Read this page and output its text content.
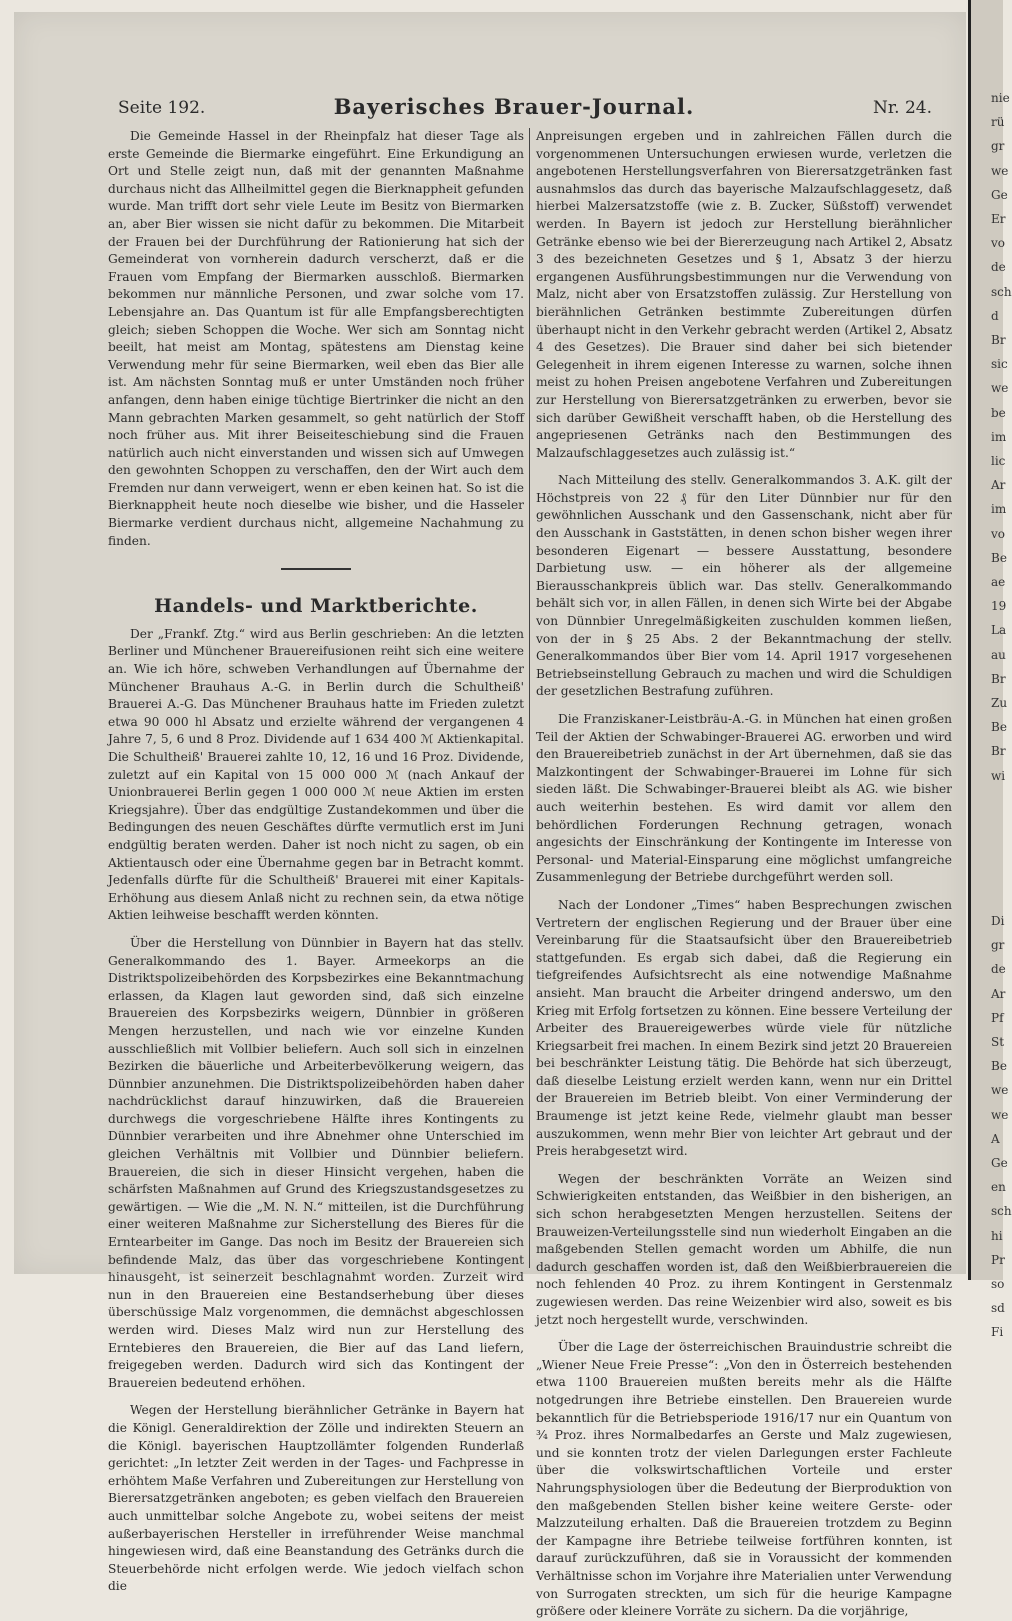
nie
rü
gr
we
Ge
Er
vo
de
sch
d
Br
sic
we
be
im
lic
Ar
im
vo
Be
ae
19
La
au
Br
Zu
Be
Br
wi

Di
gr
de
Ar
Pf
St
Be
we
we
A
Ge
en
sch
hi
Pr
so
sd
Fi
Seite 192.	Bayerisches Brauer-Journal.	Nr. 24.

Die Gemeinde Hassel in der Rheinpfalz hat dieser Tage als erste Gemeinde die Biermarke eingeführt. Eine Erkundigung an Ort und Stelle zeigt nun, daß mit der genannten Maßnahme durchaus nicht das Allheilmittel gegen die Bierknappheit gefunden wurde. Man trifft dort sehr viele Leute im Besitz von Biermarken an, aber Bier wissen sie nicht dafür zu bekommen. Die Mitarbeit der Frauen bei der Durchführung der Rationierung hat sich der Gemeinderat von vornherein dadurch verscherzt, daß er die Frauen vom Empfang der Biermarken ausschloß. Biermarken bekommen nur männliche Personen, und zwar solche vom 17. Lebensjahre an. Das Quantum ist für alle Empfangsberechtigten gleich; sieben Schoppen die Woche. Wer sich am Sonntag nicht beeilt, hat meist am Montag, spätestens am Dienstag keine Verwendung mehr für seine Biermarken, weil eben das Bier alle ist. Am nächsten Sonntag muß er unter Umständen noch früher anfangen, denn haben einige tüchtige Biertrinker die nicht an den Mann gebrachten Marken gesammelt, so geht natürlich der Stoff noch früher aus. Mit ihrer Beiseiteschiebung sind die Frauen natürlich auch nicht einverstanden und wissen sich auf Umwegen den gewohnten Schoppen zu verschaffen, den der Wirt auch dem Fremden nur dann verweigert, wenn er eben keinen hat. So ist die Bierknappheit heute noch dieselbe wie bisher, und die Hasseler Biermarke verdient durchaus nicht, allgemeine Nachahmung zu finden.

Handels- und Marktberichte.

Der „Frankf. Ztg.“ wird aus Berlin geschrieben: An die letzten Berliner und Münchener Brauereifusionen reiht sich eine weitere an. Wie ich höre, schweben Verhandlungen auf Übernahme der Münchener Brauhaus A.-G. in Berlin durch die Schultheiß' Brauerei A.-G. Das Münchener Brauhaus hatte im Frieden zuletzt etwa 90 000 hl Absatz und erzielte während der vergangenen 4 Jahre 7, 5, 6 und 8 Proz. Dividende auf 1 634 400 ℳ Aktienkapital. Die Schultheiß' Brauerei zahlte 10, 12, 16 und 16 Proz. Dividende, zuletzt auf ein Kapital von 15 000 000 ℳ (nach Ankauf der Unionbrauerei Berlin gegen 1 000 000 ℳ neue Aktien im ersten Kriegsjahre). Über das endgültige Zustandekommen und über die Bedingungen des neuen Geschäftes dürfte vermutlich erst im Juni endgültig beraten werden. Daher ist noch nicht zu sagen, ob ein Aktientausch oder eine Übernahme gegen bar in Betracht kommt. Jedenfalls dürfte für die Schultheiß' Brauerei mit einer Kapitals-Erhöhung aus diesem Anlaß nicht zu rechnen sein, da etwa nötige Aktien leihweise beschafft werden könnten.

Über die Herstellung von Dünnbier in Bayern hat das stellv. Generalkommando des 1. Bayer. Armeekorps an die Distriktspolizeibehörden des Korpsbezirkes eine Bekanntmachung erlassen, da Klagen laut geworden sind, daß sich einzelne Brauereien des Korpsbezirks weigern, Dünnbier in größeren Mengen herzustellen, und nach wie vor einzelne Kunden ausschließlich mit Vollbier beliefern. Auch soll sich in einzelnen Bezirken die bäuerliche und Arbeiterbevölkerung weigern, das Dünnbier anzunehmen. Die Distriktspolizeibehörden haben daher nachdrücklichst darauf hinzuwirken, daß die Brauereien durchwegs die vorgeschriebene Hälfte ihres Kontingents zu Dünnbier verarbeiten und ihre Abnehmer ohne Unterschied im gleichen Verhältnis mit Vollbier und Dünnbier beliefern. Brauereien, die sich in dieser Hinsicht vergehen, haben die schärfsten Maßnahmen auf Grund des Kriegszustandsgesetzes zu gewärtigen. — Wie die „M. N. N.“ mitteilen, ist die Durchführung einer weiteren Maßnahme zur Sicherstellung des Bieres für die Erntearbeiter im Gange. Das noch im Besitz der Brauereien sich befindende Malz, das über das vorgeschriebene Kontingent hinausgeht, ist seinerzeit beschlagnahmt worden. Zurzeit wird nun in den Brauereien eine Bestandserhebung über dieses überschüssige Malz vorgenommen, die demnächst abgeschlossen werden wird. Dieses Malz wird nun zur Herstellung des Erntebieres den Brauereien, die Bier auf das Land liefern, freigegeben werden. Dadurch wird sich das Kontingent der Brauereien bedeutend erhöhen.

Wegen der Herstellung bierähnlicher Getränke in Bayern hat die Königl. Generaldirektion der Zölle und indirekten Steuern an die Königl. bayerischen Hauptzollämter folgenden Runderlaß gerichtet: „In letzter Zeit werden in der Tages- und Fachpresse in erhöhtem Maße Verfahren und Zubereitungen zur Herstellung von Bierersatzgetränken angeboten; es geben vielfach den Brauereien auch unmittelbar solche Angebote zu, wobei seitens der meist außerbayerischen Hersteller in irreführender Weise manchmal hingewiesen wird, daß eine Beanstandung des Getränks durch die Steuerbehörde nicht erfolgen werde. Wie jedoch vielfach schon die

Anpreisungen ergeben und in zahlreichen Fällen durch die vorgenommenen Untersuchungen erwiesen wurde, verletzen die angebotenen Herstellungsverfahren von Bierersatzgetränken fast ausnahmslos das durch das bayerische Malzaufschlaggesetz, daß hierbei Malzersatzstoffe (wie z. B. Zucker, Süßstoff) verwendet werden. In Bayern ist jedoch zur Herstellung bierähnlicher Getränke ebenso wie bei der Biererzeugung nach Artikel 2, Absatz 3 des bezeichneten Gesetzes und § 1, Absatz 3 der hierzu ergangenen Ausführungsbestimmungen nur die Verwendung von Malz, nicht aber von Ersatzstoffen zulässig. Zur Herstellung von bierähnlichen Getränken bestimmte Zubereitungen dürfen überhaupt nicht in den Verkehr gebracht werden (Artikel 2, Absatz 4 des Gesetzes). Die Brauer sind daher bei sich bietender Gelegenheit in ihrem eigenen Interesse zu warnen, solche ihnen meist zu hohen Preisen angebotene Verfahren und Zubereitungen zur Herstellung von Bierersatzgetränken zu erwerben, bevor sie sich darüber Gewißheit verschafft haben, ob die Herstellung des angepriesenen Getränks nach den Bestimmungen des Malzaufschlaggesetzes auch zulässig ist.“

Nach Mitteilung des stellv. Generalkommandos 3. A.K. gilt der Höchstpreis von 22 ₰ für den Liter Dünnbier nur für den gewöhnlichen Ausschank und den Gassenschank, nicht aber für den Ausschank in Gaststätten, in denen schon bisher wegen ihrer besonderen Eigenart — bessere Ausstattung, besondere Darbietung usw. — ein höherer als der allgemeine Bierausschankpreis üblich war. Das stellv. Generalkommando behält sich vor, in allen Fällen, in denen sich Wirte bei der Abgabe von Dünnbier Unregelmäßigkeiten zuschulden kommen ließen, von der in § 25 Abs. 2 der Bekanntmachung der stellv. Generalkommandos über Bier vom 14. April 1917 vorgesehenen Betriebseinstellung Gebrauch zu machen und wird die Schuldigen der gesetzlichen Bestrafung zuführen.

Die Franziskaner-Leistbräu-A.-G. in München hat einen großen Teil der Aktien der Schwabinger-Brauerei AG. erworben und wird den Brauereibetrieb zunächst in der Art übernehmen, daß sie das Malzkontingent der Schwabinger-Brauerei im Lohne für sich sieden läßt. Die Schwabinger-Brauerei bleibt als AG. wie bisher auch weiterhin bestehen. Es wird damit vor allem den behördlichen Forderungen Rechnung getragen, wonach angesichts der Einschränkung der Kontingente im Interesse von Personal- und Material-Einsparung eine möglichst umfangreiche Zusammenlegung der Betriebe durchgeführt werden soll.

Nach der Londoner „Times“ haben Besprechungen zwischen Vertretern der englischen Regierung und der Brauer über eine Vereinbarung für die Staatsaufsicht über den Brauereibetrieb stattgefunden. Es ergab sich dabei, daß die Regierung ein tiefgreifendes Aufsichtsrecht als eine notwendige Maßnahme ansieht. Man braucht die Arbeiter dringend anderswo, um den Krieg mit Erfolg fortsetzen zu können. Eine bessere Verteilung der Arbeiter des Brauereigewerbes würde viele für nützliche Kriegsarbeit frei machen. In einem Bezirk sind jetzt 20 Brauereien bei beschränkter Leistung tätig. Die Behörde hat sich überzeugt, daß dieselbe Leistung erzielt werden kann, wenn nur ein Drittel der Brauereien im Betrieb bleibt. Von einer Verminderung der Braumenge ist jetzt keine Rede, vielmehr glaubt man besser auszukommen, wenn mehr Bier von leichter Art gebraut und der Preis herabgesetzt wird.

Wegen der beschränkten Vorräte an Weizen sind Schwierigkeiten entstanden, das Weißbier in den bisherigen, an sich schon herabgesetzten Mengen herzustellen. Seitens der Brauweizen-Verteilungsstelle sind nun wiederholt Eingaben an die maßgebenden Stellen gemacht worden um Abhilfe, die nun dadurch geschaffen worden ist, daß den Weißbierbrauereien die noch fehlenden 40 Proz. zu ihrem Kontingent in Gerstenmalz zugewiesen werden. Das reine Weizenbier wird also, soweit es bis jetzt noch hergestellt wurde, verschwinden.

Über die Lage der österreichischen Brauindustrie schreibt die „Wiener Neue Freie Presse“: „Von den in Österreich bestehenden etwa 1100 Brauereien mußten bereits mehr als die Hälfte notgedrungen ihre Betriebe einstellen. Den Brauereien wurde bekanntlich für die Betriebsperiode 1916/17 nur ein Quantum von ¾ Proz. ihres Normalbedarfes an Gerste und Malz zugewiesen, und sie konnten trotz der vielen Darlegungen erster Fachleute über die volkswirtschaftlichen Vorteile und erster Nahrungsphysiologen über die Bedeutung der Bierproduktion von den maßgebenden Stellen bisher keine weitere Gerste- oder Malzzuteilung erhalten. Daß die Brauereien trotzdem zu Beginn der Kampagne ihre Betriebe teilweise fortführen konnten, ist darauf zurückzuführen, daß sie in Voraussicht der kommenden Verhältnisse schon im Vorjahre ihre Materialien unter Verwendung von Surrogaten streckten, um sich für die heurige Kampagne größere oder kleinere Vorräte zu sichern. Da die vorjährige,
